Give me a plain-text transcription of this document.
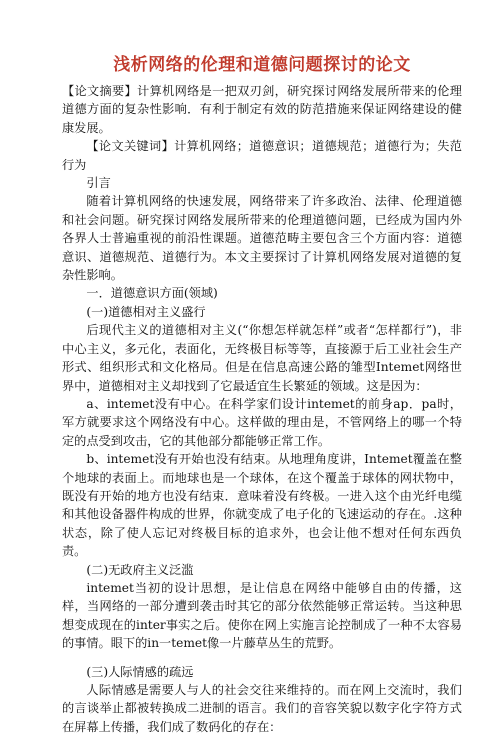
浅析网络的伦理和道德问题探讨的论文

【论文摘要】计算机网络是一把双刃剑，研究探讨网络发展所带来的伦理道德方面的复杂性影响．有利于制定有效的防范措施来保证网络建设的健康发展。

【论文关键词】计算机网络；道德意识；道德规范；道德行为；失范行为

引言

随着计算机网络的快速发展，网络带来了许多政治、法律、伦理道德和社会问题。研究探讨网络发展所带来的伦理道德问题，已经成为国内外各界人士普遍重视的前沿性课题。道德范畴主要包含三个方面内容：道德意识、道德规范、道德行为。本文主要探讨了计算机网络发展对道德的复杂性影响。

一．道德意识方面(领域)

(一)道德相对主义盛行

后现代主义的道德相对主义(“你想怎样就怎样”或者“怎样都行”)，非中心主义，多元化，表面化，无终极目标等等，直接源于后工业社会生产形式、组织形式和文化格局。但是在信息高速公路的雏型Intemet网络世界中，道德相对主义却找到了它最适宜生长繁延的领域。这是因为：

a、intemet没有中心。在科学家们设计intemet的前身ap．pa时，军方就要求这个网络没有中心。这样做的理由是，不管网络上的哪一个特定的点受到攻击，它的其他部分都能够正常工作。

b、intemet没有开始也没有结束。从地理角度讲，Intemet覆盖在整个地球的表面上。而地球也是一个球体，在这个覆盖于球体的网状物中，既没有开始的地方也没有结束．意味着没有终极。一进入这个由光纤电缆和其他设备器件构成的世界，你就变成了电子化的飞速运动的存在。.这种状态，除了使人忘记对终极目标的追求外，也会让他不想对任何东西负责。

(二)无政府主义泛滥

intemet当初的设计思想，是让信息在网络中能够自由的传播，这样，当网络的一部分遭到袭击时其它的部分依然能够正常运转。当这种思想变成现在的inter事实之后。使你在网上实施言论控制成了一种不太容易的事情。眼下的in一temet像一片藤草丛生的荒野。

(三)人际情感的疏远

人际情感是需要人与人的社会交往来维持的。而在网上交流时，我们的言谈举止都被转换成二进制的语言。我们的音容笑貌以数字化字符方式在屏幕上传播，我们成了数码化的存在：
